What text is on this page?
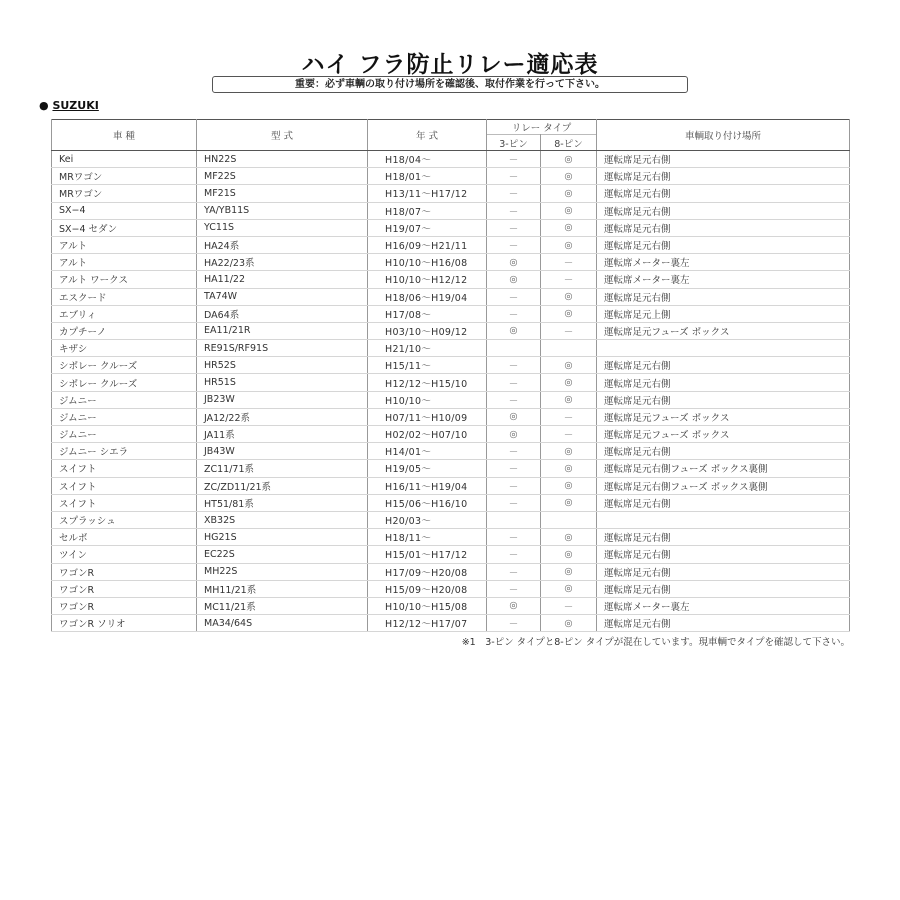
ハイ フラ防止リレー適応表
重要：必ず車輌の取り付け場所を確認後、取付作業を行って下さい。
● SUZUKI
車 種	型 式	年 式	リレー タイプ		車輌取り付け場所
			3-ピン	8-ピン	
Kei	HN22S	H18/04～	－	◎	運転席足元右側
MRワゴン	MF22S	H18/01～	－	◎	運転席足元右側
MRワゴン	MF21S	H13/11～H17/12	－	◎	運転席足元右側
SX−4	YA/YB11S	H18/07～	－	◎	運転席足元右側
SX−4 セダン	YC11S	H19/07～	－	◎	運転席足元右側
アルト	HA24系	H16/09～H21/11	－	◎	運転席足元右側
アルト	HA22/23系	H10/10～H16/08	◎	－	運転席メーター裏左
アルト ワークス	HA11/22	H10/10～H12/12	◎	－	運転席メーター裏左
エスクード	TA74W	H18/06～H19/04	－	◎	運転席足元右側
エブリィ	DA64系	H17/08～	－	◎	運転席足元上側
カプチーノ	EA11/21R	H03/10～H09/12	◎	－	運転席足元フューズ ボックス
キザシ	RE91S/RF91S	H21/10～			
シボレー クルーズ	HR52S	H15/11～	－	◎	運転席足元右側
シボレー クルーズ	HR51S	H12/12～H15/10	－	◎	運転席足元右側
ジムニー	JB23W	H10/10～	－	◎	運転席足元右側
ジムニー	JA12/22系	H07/11～H10/09	◎	－	運転席足元フューズ ボックス
ジムニー	JA11系	H02/02～H07/10	◎	－	運転席足元フューズ ボックス
ジムニー シエラ	JB43W	H14/01～	－	◎	運転席足元右側
スイフト	ZC11/71系	H19/05～	－	◎	運転席足元右側フューズ ボックス裏側
スイフト	ZC/ZD11/21系	H16/11～H19/04	－	◎	運転席足元右側フューズ ボックス裏側
スイフト	HT51/81系	H15/06～H16/10	－	◎	運転席足元右側
スプラッシュ	XB32S	H20/03～			
セルボ	HG21S	H18/11～	－	◎	運転席足元右側
ツイン	EC22S	H15/01～H17/12	－	◎	運転席足元右側
ワゴンR	MH22S	H17/09～H20/08	－	◎	運転席足元右側
ワゴンR	MH11/21系	H15/09～H20/08	－	◎	運転席足元右側
ワゴンR	MC11/21系	H10/10～H15/08	◎	－	運転席メーター裏左
ワゴンR ソリオ	MA34/64S	H12/12～H17/07	－	◎	運転席足元右側
※1　3-ピン タイプと8-ピン タイプが混在しています。現車輌でタイプを確認して下さい。
